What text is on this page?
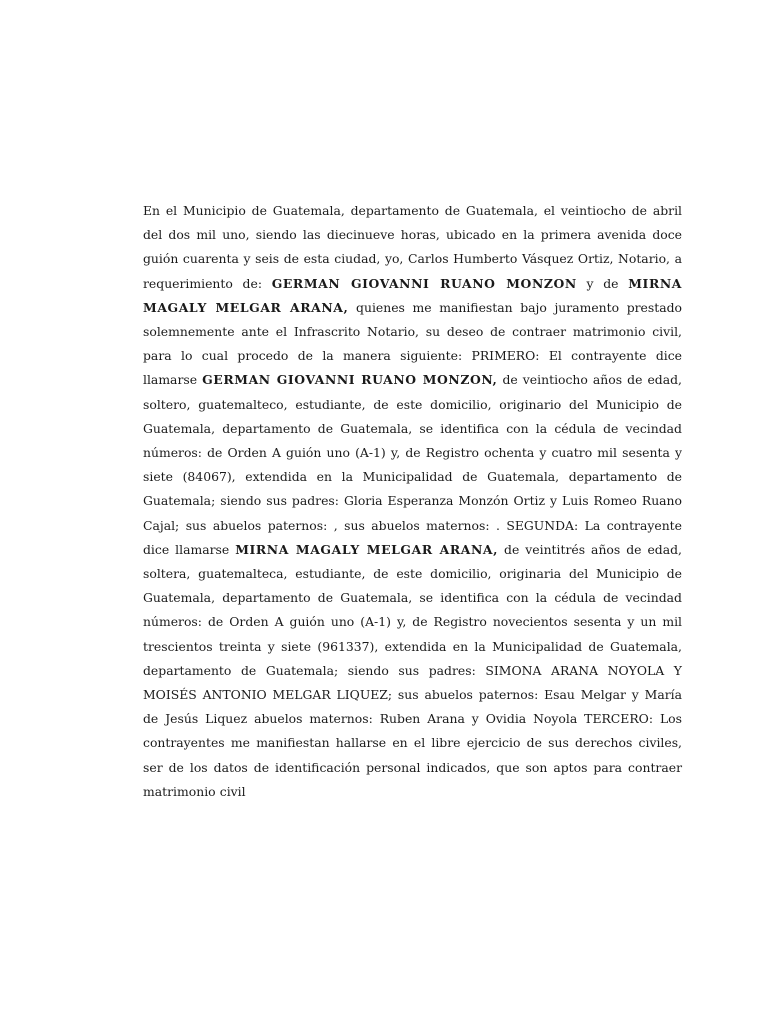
En el Municipio de Guatemala, departamento de Guatemala, el veintiocho de abril del dos mil uno, siendo las diecinueve horas, ubicado en la primera avenida doce guión cuarenta y seis de esta ciudad, yo, Carlos Humberto Vásquez Ortiz, Notario, a requerimiento de: GERMAN GIOVANNI RUANO MONZON y de MIRNA MAGALY MELGAR ARANA, quienes me manifiestan bajo juramento prestado solemnemente ante el Infrascrito Notario, su deseo de contraer matrimonio civil, para lo cual procedo de la manera siguiente: PRIMERO: El contrayente dice llamarse GERMAN GIOVANNI RUANO MONZON, de veintiocho años de edad, soltero, guatemalteco, estudiante, de este domicilio, originario del Municipio de Guatemala, departamento de Guatemala, se identifica con la cédula de vecindad números: de Orden A guión uno (A-1) y, de Registro ochenta y cuatro mil sesenta y siete (84067), extendida en la Municipalidad de Guatemala, departamento de Guatemala; siendo sus padres: Gloria Esperanza Monzón Ortiz y Luis Romeo Ruano Cajal; sus abuelos paternos: , sus abuelos maternos: . SEGUNDA: La contrayente dice llamarse MIRNA MAGALY MELGAR ARANA, de veintitrés años de edad, soltera, guatemalteca, estudiante, de este domicilio, originaria del Municipio de Guatemala, departamento de Guatemala, se identifica con la cédula de vecindad números: de Orden A guión uno (A-1) y, de Registro novecientos sesenta y un mil trescientos treinta y siete (961337), extendida en la Municipalidad de Guatemala, departamento de Guatemala; siendo sus padres: SIMONA ARANA NOYOLA Y MOISÉS ANTONIO MELGAR LIQUEZ; sus abuelos paternos: Esau Melgar y María de Jesús Liquez abuelos maternos: Ruben Arana y Ovidia Noyola TERCERO: Los contrayentes me manifiestan hallarse en el libre ejercicio de sus derechos civiles, ser de los datos de identificación personal indicados, que son aptos para contraer matrimonio civil
